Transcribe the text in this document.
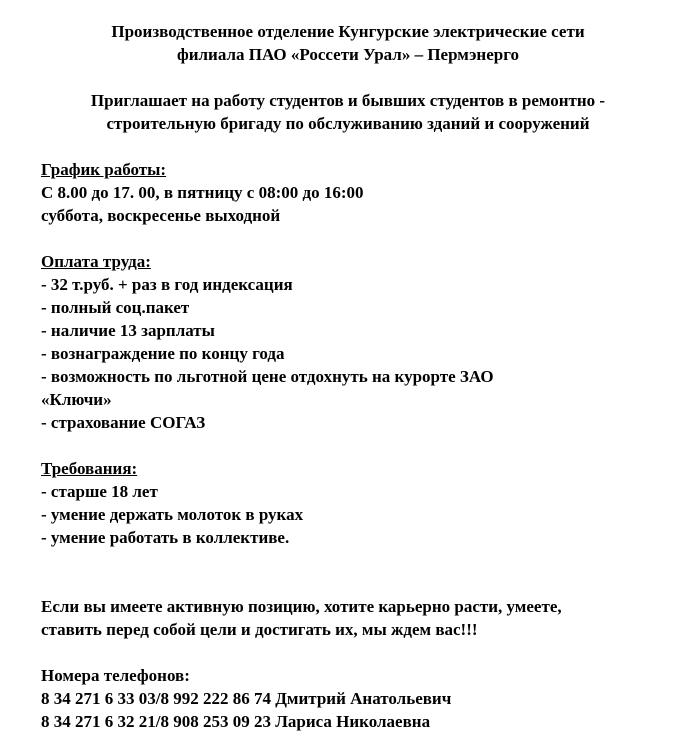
Производственное отделение Кунгурские электрические сети
филиала ПАО «Россети Урал» – Пермэнерго
Приглашает на работу студентов и бывших студентов в ремонтно -
строительную бригаду по обслуживанию зданий и сооружений
График работы:
С 8.00 до 17. 00, в пятницу с 08:00 до 16:00
суббота, воскресенье выходной
Оплата труда:
- 32 т.руб. + раз в год индексация
- полный соц.пакет
- наличие 13 зарплаты
- вознаграждение по концу года
- возможность по льготной цене отдохнуть на курорте ЗАО
«Ключи»
- страхование СОГАЗ
Требования:
- старше 18 лет
- умение держать молоток в руках
- умение работать в коллективе.
Если вы имеете активную позицию, хотите карьерно расти, умеете,
ставить перед собой цели и достигать их, мы ждем вас!!!
Номера телефонов:
8 34 271 6 33 03/8 992 222 86 74 Дмитрий Анатольевич
8 34 271 6 32 21/8 908 253 09 23 Лариса Николаевна
